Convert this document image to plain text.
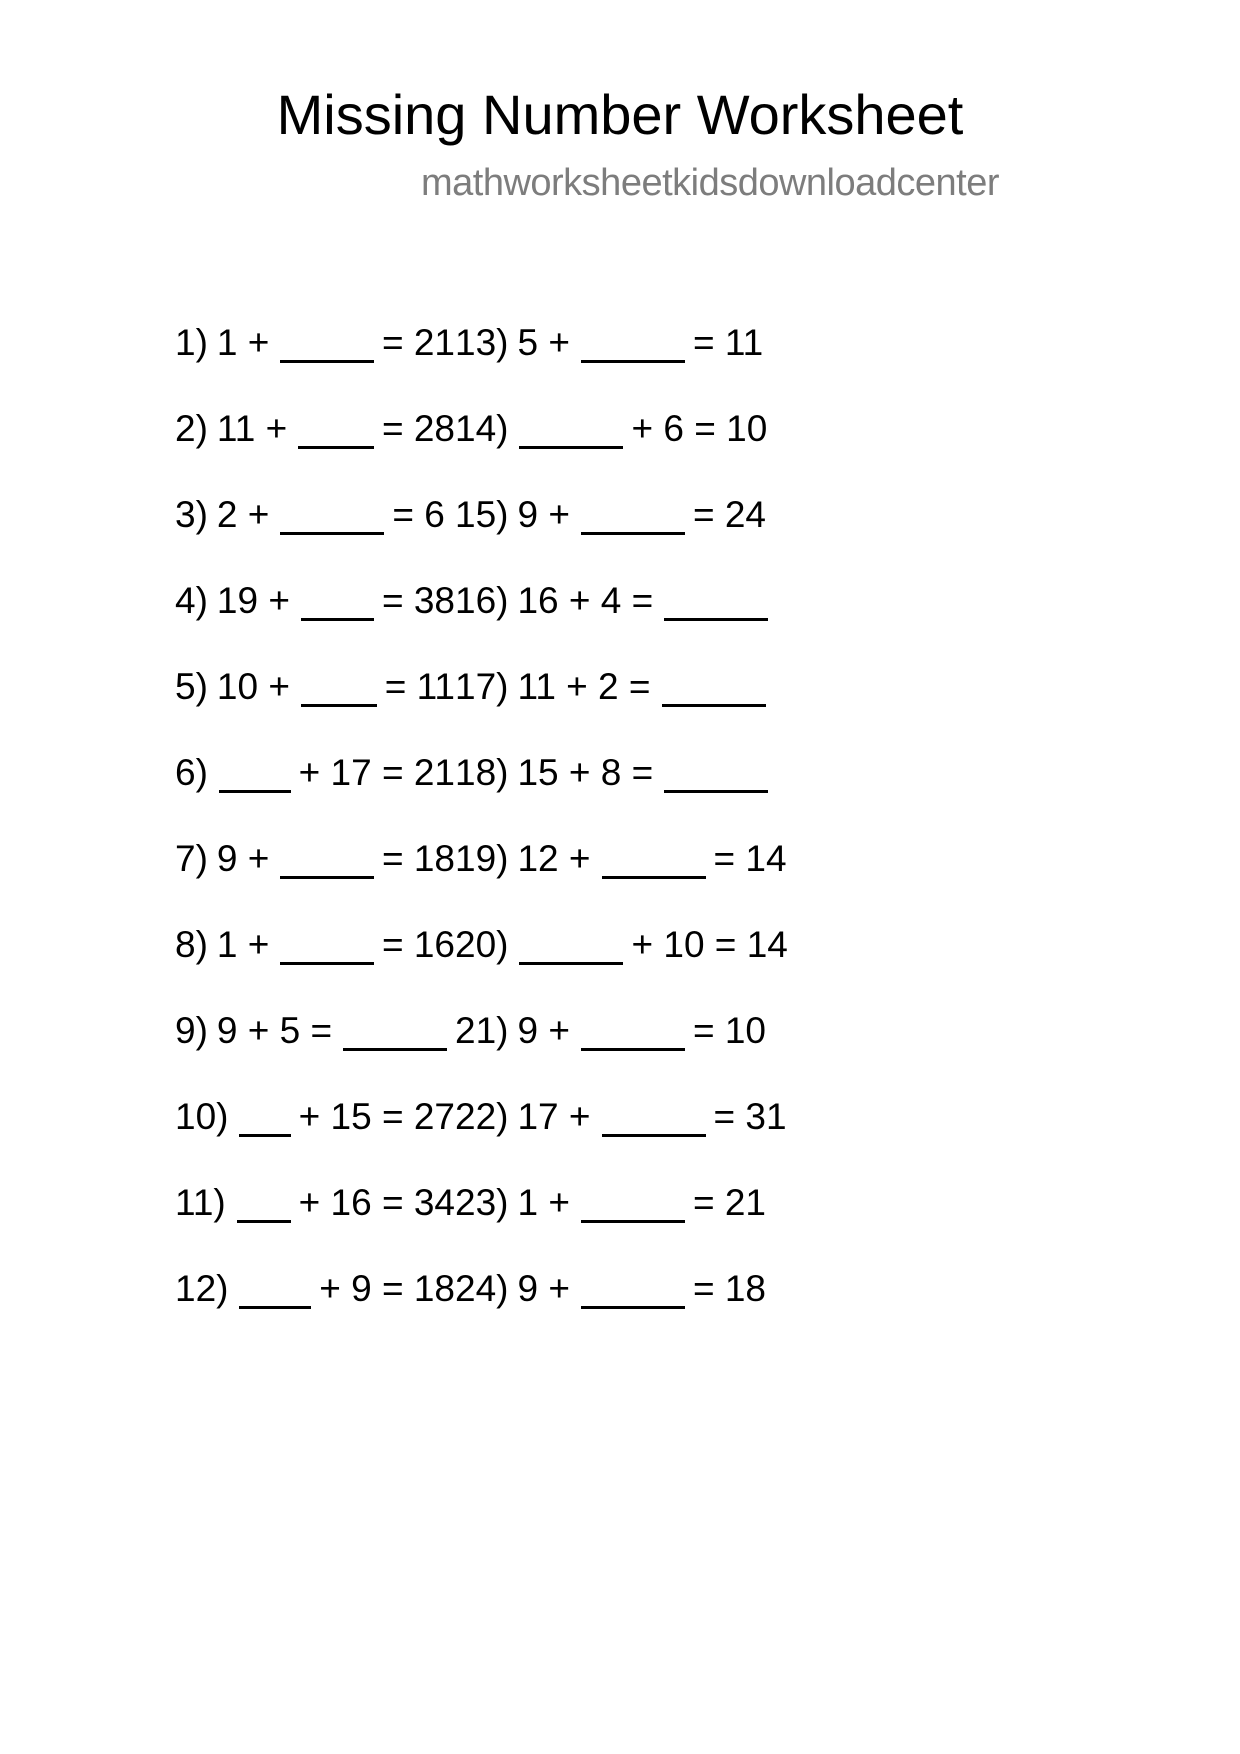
Missing Number Worksheet
mathworksheetkidsdownloadcenter
1) 1 +	= 21
2) 11 +	= 28
3) 2 +	= 6
4) 19 + = 38
5) 10 +	= 11
6) + 17 = 21
7) 9 +	= 18
8) 1 +	= 16
9) 9 + 5 =
10) + 15 = 27
11) + 16 = 34
12) + 9 = 18
13) 5 +	= 11
14)	+ 6 = 10
15) 9 +	= 24
16) 16 + 4 =
17) 11 + 2 =
18) 15 + 8 =
19) 12 +	= 14
20)	+ 10 = 14
21) 9 +	= 10
22) 17 +	= 31
23) 1 +	= 21
24) 9 +	= 18
